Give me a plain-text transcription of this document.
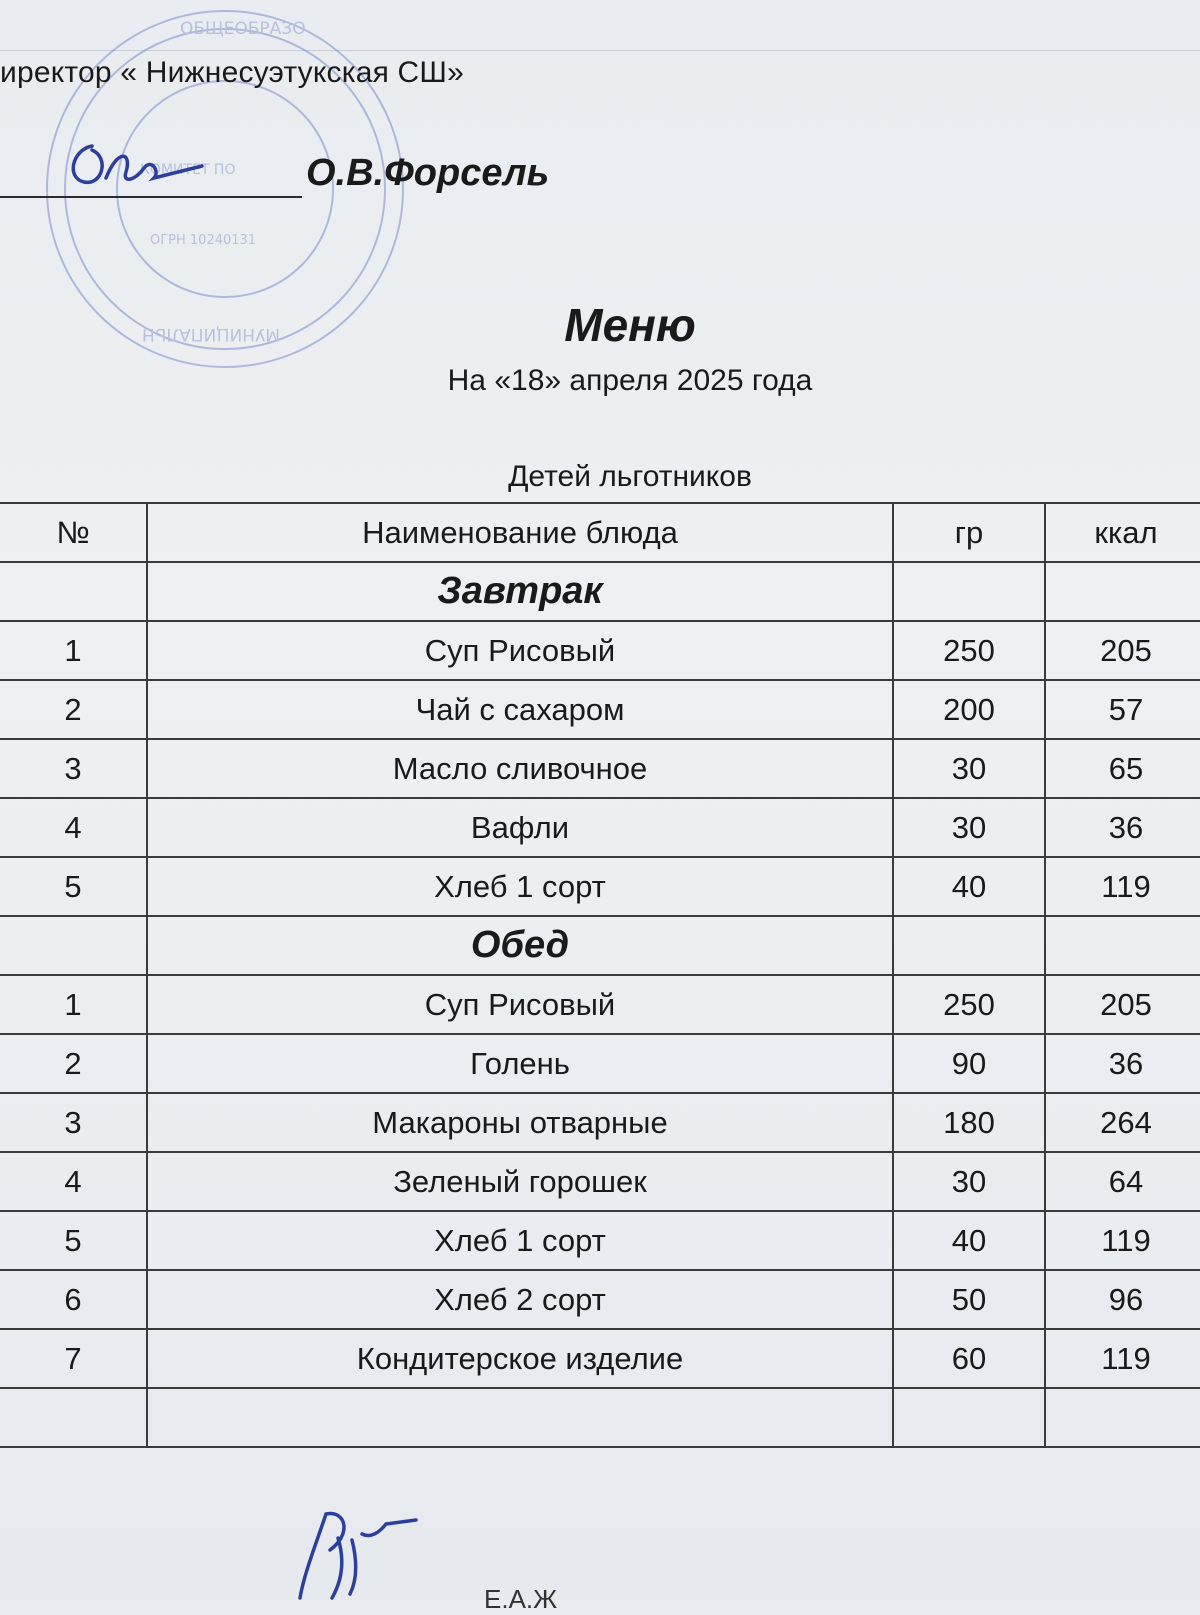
ОБЩЕОБРАЗО
МУНИЦИПАЛЬН
КОМИТЕТ ПО
ОГРН 10240131
иректор « Нижнесуэтукская СШ»
О.В.Форсель
Меню
На «18» апреля 2025 года
Детей льготников
№	Наименование блюда	гр	ккал
	Завтрак		
1	Суп Рисовый	250	205
2	Чай с сахаром	200	57
3	Масло сливочное	30	65
4	Вафли	30	36
5	Хлеб 1 сорт	40	119
	Обед		
1	Суп Рисовый	250	205
2	Голень	90	36
3	Макароны отварные	180	264
4	Зеленый горошек	30	64
5	Хлеб 1 сорт	40	119
6	Хлеб 2 сорт	50	96
7	Кондитерское изделие	60	119

Е.А.Ж
